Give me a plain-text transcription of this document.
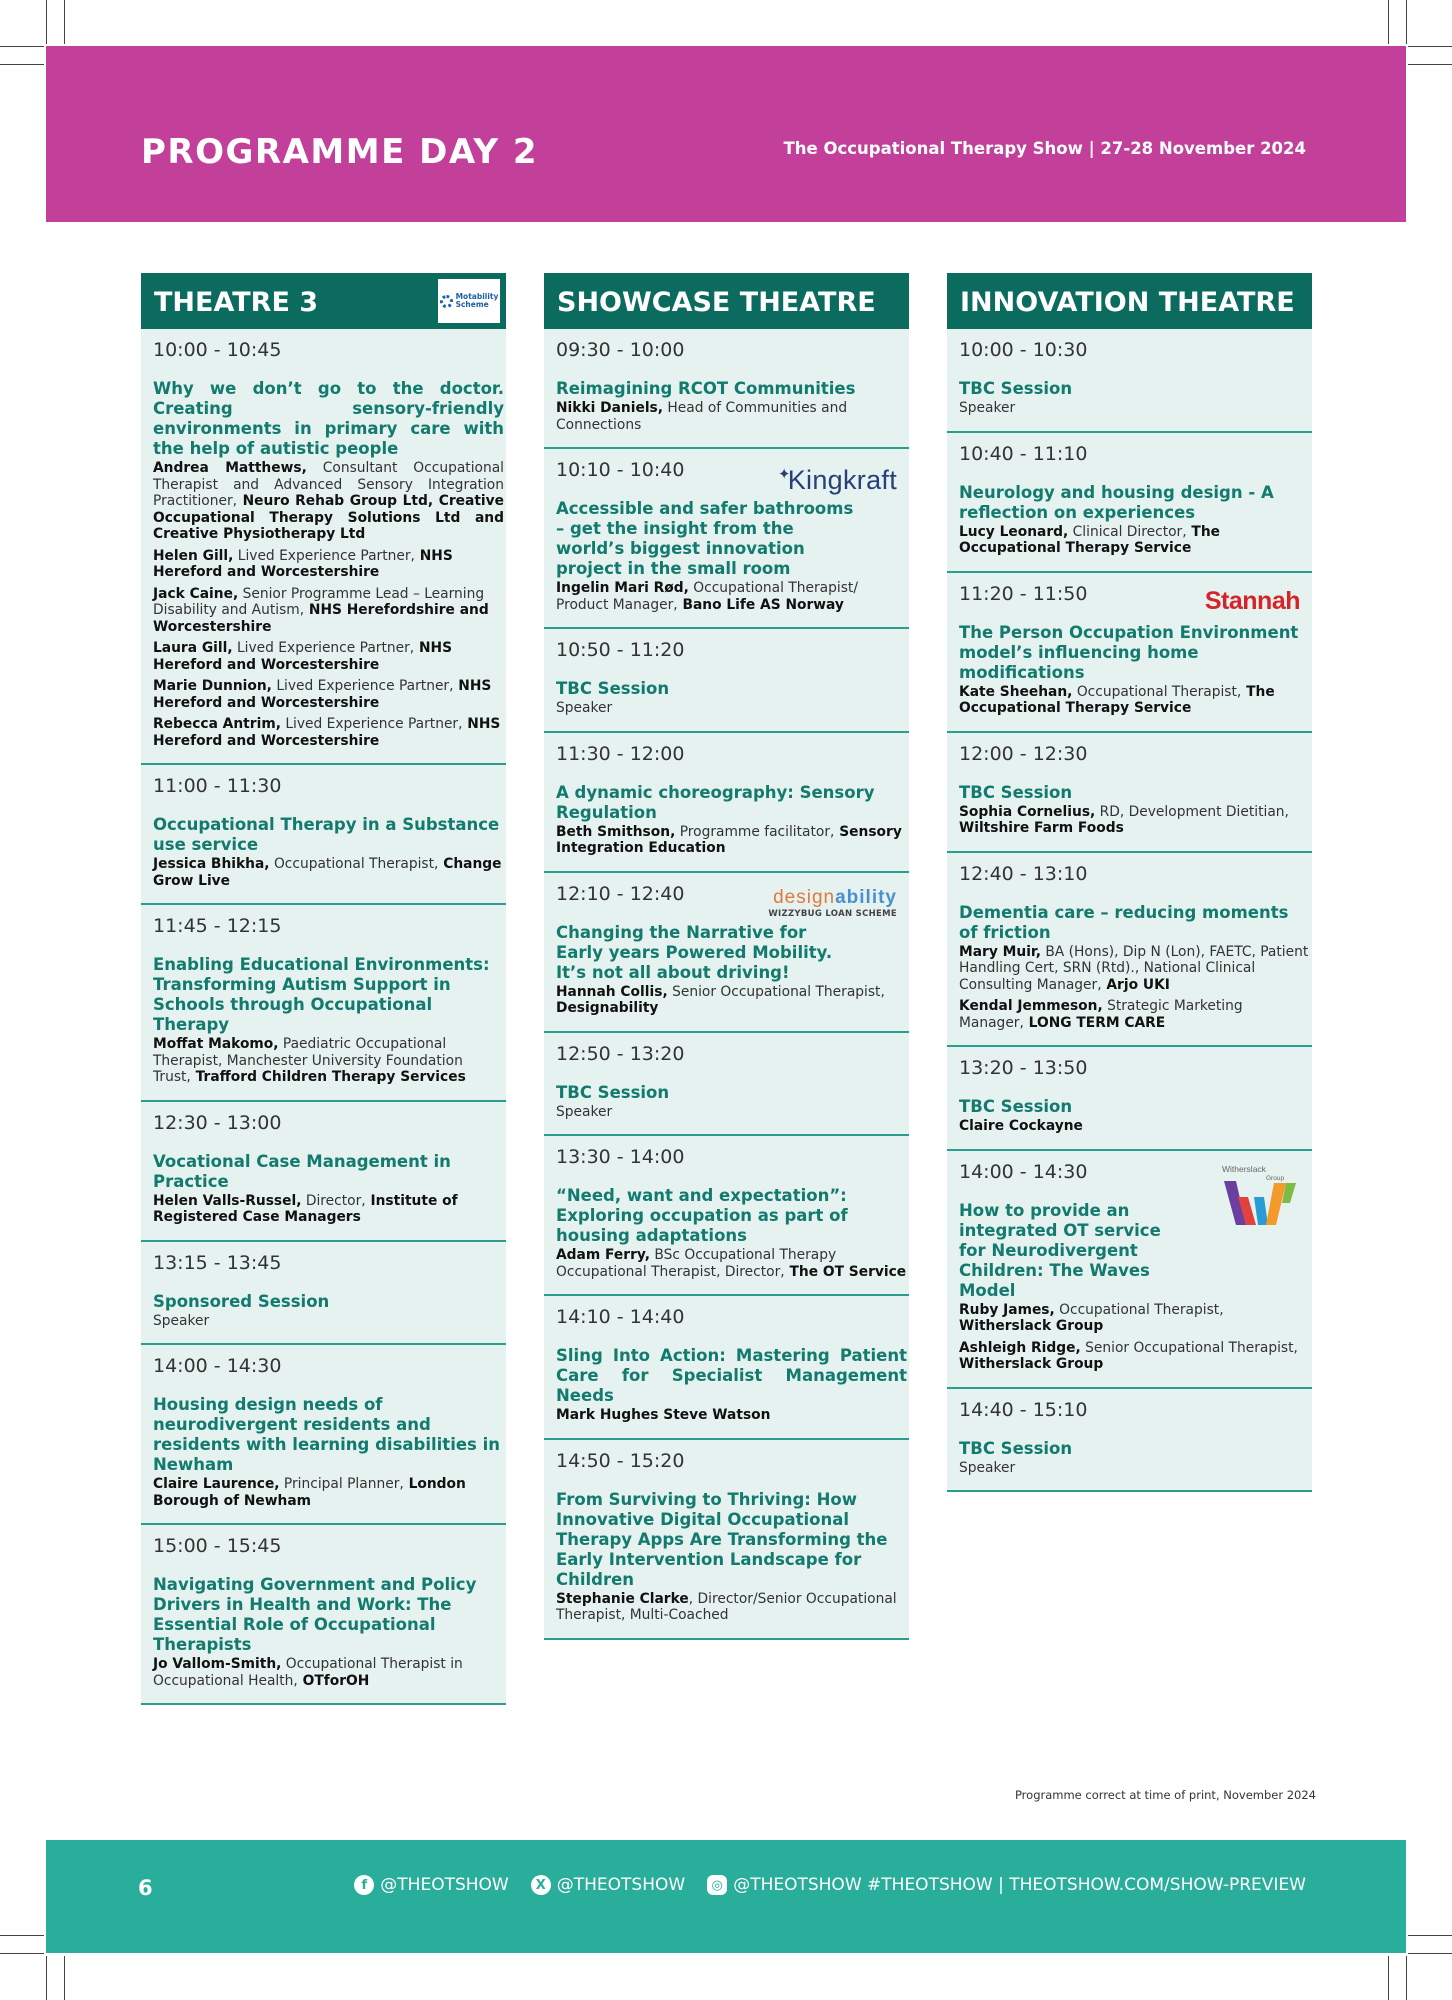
PROGRAMME DAY 2	The Occupational Therapy Show | 27-28 November 2024
THEATRE 3	Motability
Scheme
10:00 - 10:45
Why we don’t go to the doctor. Creating sensory-friendly environments in primary care with the help of autistic people
Andrea Matthews, Consultant Occupational Therapist and Advanced Sensory Integration Practitioner, Neuro Rehab Group Ltd, Creative Occupational Therapy Solutions Ltd and Creative Physiotherapy Ltd
Helen Gill, Lived Experience Partner, NHS Hereford and Worcestershire
Jack Caine, Senior Programme Lead – Learning Disability and Autism, NHS Herefordshire and Worcestershire
Laura Gill, Lived Experience Partner, NHS Hereford and Worcestershire
Marie Dunnion, Lived Experience Partner, NHS Hereford and Worcestershire
Rebecca Antrim, Lived Experience Partner, NHS Hereford and Worcestershire
11:00 - 11:30
Occupational Therapy in a Substance use service
Jessica Bhikha, Occupational Therapist, Change Grow Live
11:45 - 12:15
Enabling Educational Environments: Transforming Autism Support in Schools through Occupational Therapy
Moffat Makomo, Paediatric Occupational Therapist, Manchester University Foundation Trust, Trafford Children Therapy Services
12:30 - 13:00
Vocational Case Management in Practice
Helen Valls-Russel, Director, Institute of Registered Case Managers
13:15 - 13:45
Sponsored Session
Speaker
14:00 - 14:30
Housing design needs of neurodivergent residents and residents with learning disabilities in Newham
Claire Laurence, Principal Planner, London Borough of Newham
15:00 - 15:45
Navigating Government and Policy Drivers in Health and Work: The Essential Role of Occupational Therapists
Jo Vallom-Smith, Occupational Therapist in Occupational Health, OTforOH
SHOWCASE THEATRE
09:30 - 10:00
Reimagining RCOT Communities
Nikki Daniels, Head of Communities and Connections
10:10 - 10:40	✦Kingkraft
Accessible and safer bathrooms – get the insight from the world’s biggest innovation project in the small room
Ingelin Mari Rød, Occupational Therapist/ Product Manager, Bano Life AS Norway
10:50 - 11:20
TBC Session
Speaker
11:30 - 12:00
A dynamic choreography: Sensory Regulation
Beth Smithson, Programme facilitator, Sensory Integration Education
12:10 - 12:40	designability
WIZZYBUG LOAN SCHEME
Changing the Narrative for Early years Powered Mobility. It’s not all about driving!
Hannah Collis, Senior Occupational Therapist, Designability
12:50 - 13:20
TBC Session
Speaker
13:30 - 14:00
“Need, want and expectation”: Exploring occupation as part of housing adaptations
Adam Ferry, BSc Occupational Therapy Occupational Therapist, Director, The OT Service
14:10 - 14:40
Sling Into Action: Mastering Patient Care for Specialist Management Needs
Mark Hughes Steve Watson
14:50 - 15:20
From Surviving to Thriving: How Innovative Digital Occupational Therapy Apps Are Transforming the Early Intervention Landscape for Children
Stephanie Clarke, Director/Senior Occupational Therapist, Multi-Coached
INNOVATION THEATRE
10:00 - 10:30
TBC Session
Speaker
10:40 - 11:10
Neurology and housing design - A reflection on experiences
Lucy Leonard, Clinical Director, The Occupational Therapy Service
11:20 - 11:50	Stannah
The Person Occupation Environment model’s influencing home modifications
Kate Sheehan, Occupational Therapist, The Occupational Therapy Service
12:00 - 12:30
TBC Session
Sophia Cornelius, RD, Development Dietitian, Wiltshire Farm Foods
12:40 - 13:10
Dementia care – reducing moments of friction
Mary Muir, BA (Hons), Dip N (Lon), FAETC, Patient Handling Cert, SRN (Rtd)., National Clinical Consulting Manager, Arjo UKI
Kendal Jemmeson, Strategic Marketing Manager, LONG TERM CARE
13:20 - 13:50
TBC Session
Claire Cockayne
14:00 - 14:30	Witherslack
Group
How to provide an integrated OT service for Neurodivergent Children: The Waves Model
Ruby James, Occupational Therapist, Witherslack Group
Ashleigh Ridge, Senior Occupational Therapist, Witherslack Group
14:40 - 15:10
TBC Session
Speaker
Programme correct at time of print, November 2024
6	f @THEOTSHOW	X @THEOTSHOW	◎ @THEOTSHOW #THEOTSHOW | THEOTSHOW.COM/SHOW-PREVIEW
